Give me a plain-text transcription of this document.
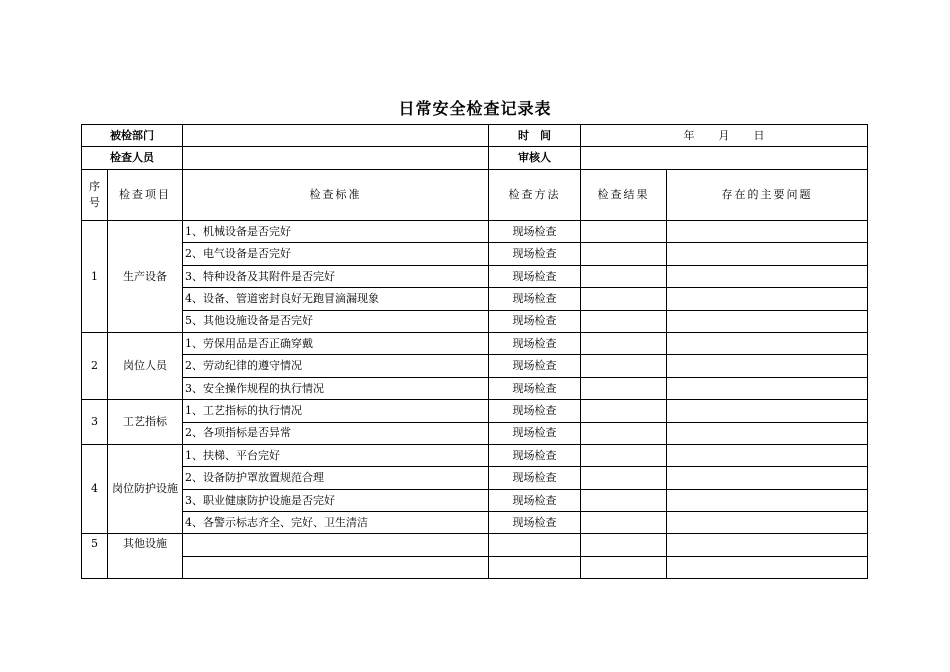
日常安全检查记录表
被检部门			时　间	年 月 日	
检查人员			审核人		
序号	检查项目	检查标准	检查方法	检查结果	存在的主要问题
1	生产设备	1、机械设备是否完好	现场检查		
		2、电气设备是否完好	现场检查		
		3、特种设备及其附件是否完好	现场检查		
		4、设备、管道密封良好无跑冒滴漏现象	现场检查		
		5、其他设施设备是否完好	现场检查		
2	岗位人员	1、劳保用品是否正确穿戴	现场检查		
		2、劳动纪律的遵守情况	现场检查		
		3、安全操作规程的执行情况	现场检查		
3	工艺指标	1、工艺指标的执行情况	现场检查		
		2、各项指标是否异常	现场检查		
4	岗位防护设施	1、扶梯、平台完好	现场检查		
		2、设备防护罩放置规范合理	现场检查		
		3、职业健康防护设施是否完好	现场检查		
		4、各警示标志齐全、完好、卫生清洁	现场检查		
5	其他设施				
